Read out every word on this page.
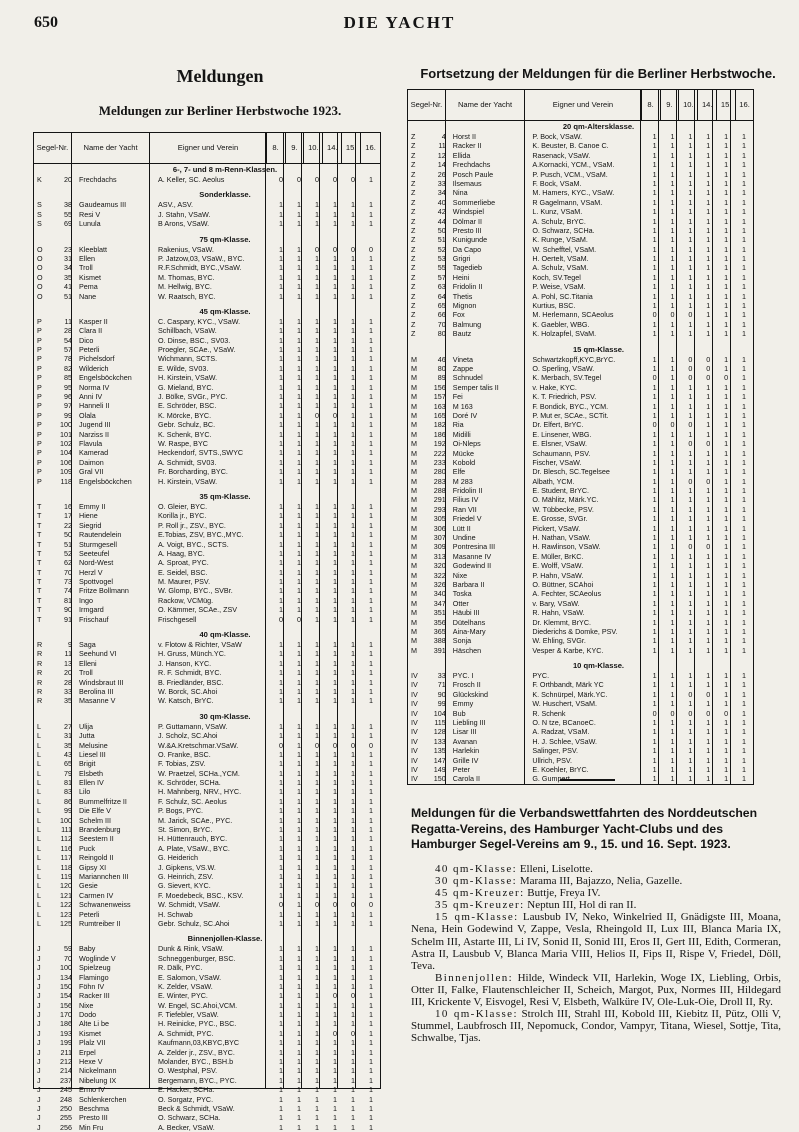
650	DIE YACHT
Meldungen
Meldungen zur Berliner Herbstwoche 1923.
Segel-Nr.	Name der Yacht	Eigner und Verein	8.	9.	10.	14.	15.	16.
6-, 7- und 8 m-Renn-Klassen.
K	20 Frechdachs	A. Keller, SC. Aeolus	0	0	0	0	0	1
Sonderklasse.
S	38 Gaudeamus III	ASV., ASV.	1	1	1	1	1	1
S	55 Resi V	J. Stahn, VSaW.	1	1	1	1	1	1
S	69 Lunula	B Arons, VSaW.	1	1	1	1	1	1
75 qm-Klasse.
O	23 Kleeblatt	Rakenius, VSaW.	1	1	0	0	0	0
O	31 Ellen	P. Jatzow,03, VSaW., BYC.	1	1	1	1	1	1
O	34 Troll	R.F.Schmidt, BYC.,VSaW.	1	1	1	1	1	1
O	35 Kismet	M. Thomas, BYC.	1	1	1	1	1	1
O	41 Pema	M. Hellwig, BYC.	1	1	1	1	1	1
O	51 Nane	W. Raatsch, BYC.	1	1	1	1	1	1
45 qm-Klasse.
P	11 Kasper II	C. Caspary, KYC., VSaW.	1	1	1	1	1	1
P	28 Clara II	Schillbach, VSaW.	1	1	1	1	1	1
P	54 Dico	O. Dinse, BSC., SV03.	1	1	1	1	1	1
P	57 Peterli	Proegler, SCAe., VSaW.	1	1	1	1	1	1
P	78 Pichelsdorf	Wichmann, SCTS.	1	1	1	1	1	1
P	82 Wilderich	E. Wilde, SV03.	1	1	1	1	1	1
P	85 Engelsböckchen	H. Kirstein, VSaW.	1	1	1	1	1	1
P	95 Norma IV	G. Mieland, BYC.	1	1	1	1	1	1
P	96 Anni IV	J. Bölke, SVGr., PYC.	1	1	1	1	1	1
P	97 Hanneli II	E. Schröder, BSC.	1	1	1	1	1	1
P	99 Olala	K. Mörcke, BYC.	1	1	0	0	1	1
P	100 Jugend III	Gebr. Schulz, BC.	1	1	1	1	1	1
P	101 Narziss II	K. Schenk, BYC.	1	1	1	1	1	1
P	102 Flavula	W. Raspe, BYC	1	1	1	1	1	1
P	104 Kamerad	Heckendorf, SVTS.,SWYC	1	1	1	1	1	1
P	106 Daimon	A. Schmidt, SV03.	1	1	1	1	1	1
P	109 Gral VII	Fr. Borcharding, BYC.	1	1	1	1	1	1
P	118 Engelsböckchen	H. Kirstein, VSaW.	1	1	1	1	1	1
35 qm-Klasse.
T	16 Emmy II	O. Gleier, BYC.	1	1	1	1	1	1
T	17 Hiene	Korilla jr., BYC.	1	1	1	1	1	1
T	22 Siegrid	P. Roll jr., ZSV., BYC.	1	1	1	1	1	1
T	50 Rautendelein	E.Tobias, ZSV, BYC.,MYC.	1	1	1	1	1	1
T	51 Sturmgesell	A. Voigt, BYC., SCTS.	1	1	1	1	1	1
T	52 Seeteufel	A. Haag, BYC.	1	1	1	1	1	1
T	62 Nord-West	A. Sproat, PYC.	1	1	1	1	1	1
T	70 Herzl V	E. Seidel, BSC.	1	1	1	1	1	1
T	73 Spottvogel	M. Maurer, PSV.	1	1	1	1	1	1
T	74 Fritze Bollmann	W. Glomp, BYC., SVBr.	1	1	1	1	1	1
T	81 Ingo	Rackow, VCMüg.	1	1	1	1	1	1
T	90 Irmgard	O. Kämmer, SCAe., ZSV	1	1	1	1	1	1
T	91 Frischauf	Frischgesell	0	0	1	1	1	1
40 qm-Klasse.
R	9 Saga	v. Flotow & Richter, VSaW	1	1	1	1	1	1
R	11 Seehund VI	H. Gruss, Münch.YC.	1	1	1	1	1	1
R	13 Elleni	J. Hanson, KYC.	1	1	1	1	1	1
R	20 Troll	R. F. Schmidt, BYC.	1	1	1	1	1	1
R	28 Windsbraut III	B. Friedländer, BSC.	1	1	1	1	1	1
R	33 Berolina III	W. Borck, SC.Ahoi	1	1	1	1	1	1
R	35 Masanne V	W. Katsch, BrYC.	1	1	1	1	1	1
30 qm-Klasse.
L	27 Ulija	P. Guttamann, VSaW.	1	1	1	1	1	1
L	31 Jutta	J. Scholz, SC.Ahoi	1	1	1	1	1	1
L	35 Melusine	W.&A.Kretschmar.VSaW.	0	1	0	0	0	0
L	43 Liesel III	O. Franke, BSC.	1	1	1	1	1	1
L	65 Brigit	F. Tobias, ZSV.	1	1	1	1	1	1
L	79 Elsbeth	W. Praetzel, SCHa.,YCM.	1	1	1	1	1	1
L	81 Ellen IV	K. Schröder, SCHa.	1	1	1	1	1	1
L	83 Lilo	H. Mahnberg, NRV., HYC.	1	1	1	1	1	1
L	86 Bummelfritze II	F. Schulz, SC. Aeolus	1	1	1	1	1	1
L	99 Die Elfe V	P. Bogs, PYC.	1	1	1	1	1	1
L	100 Schelm III	M. Jarick, SCAe., PYC.	1	1	1	1	1	1
L	111 Brandenburg	St. Simon, BrYC.	1	1	1	1	1	1
L	112 Seestern II	H. Hüttenrauch, BYC.	1	1	1	1	1	1
L	116 Puck	A. Plate, VSaW., BYC.	1	1	1	1	1	1
L	117 Reingold II	G. Heiderich	1	1	1	1	1	1
L	118 Gipsy XI	J. Gipkens, VS.W.	1	1	1	1	1	1
L	119 Mariannchen III	G. Heinrich, ZSV.	1	1	1	1	1	1
L	120 Gesie	G. Sievert, KYC.	1	1	1	1	1	1
L	121 Carmen IV	F. Moedebeck, BSC., KSV.	1	1	1	1	1	1
L	122 Schwanenweiss	W. Schmidt, VSaW.	0	1	0	0	0	0
L	123 Peterli	H. Schwab	1	1	1	1	1	1
L	125 Rumtreiber II	Gebr. Schulz, SC.Ahoi	1	1	1	1	1	1
Binnenjollen-Klasse.
J	59 Baby	Dunk & Rink, VSaW.	1	1	1	1	1	1
J	70 Woglinde V	Schneggenburger, BSC.	1	1	1	1	1	1
J	100 Spielzeug	R. Dälk, PYC.	1	1	1	1	1	1
J	134 Flamingo	E. Salomon, VSaW.	1	1	1	1	1	1
J	150 Föhn IV	K. Zelder, VSaW.	1	1	1	1	1	1
J	154 Racker III	E. Winter, PYC.	1	1	1	0	0	1
J	156 Nixe	W. Engel, SC.Ahoi,VCM.	1	1	1	1	1	1
J	170 Dodo	F. Tiefebler, VSaW.	1	1	1	1	1	1
J	186 Alte Li be	H. Reinicke, PYC., BSC.	1	1	1	1	1	1
J	193 Kismet	A. Schmidt, PYC.	1	1	1	0	0	1
J	199 Plalz VII	Kaufmann,03,KBYC,BYC	1	1	1	1	1	1
J	211 Erpel	A. Zelder jr., ZSV., BYC.	1	1	1	1	1	1
J	212 Hexe V	Molander, BYC., BSH.b	1	1	1	1	1	1
J	214 Nickelmann	O. Westphal, PSV.	1	1	1	1	1	1
J	237 Nibelung IX	Bergemann, BYC., PYC.	1	1	1	1	1	1
J	245 Ermo IV	E. Hacker, SCHa.	1	1	1	1	1	1
J	248 Schlenkerchen	O. Sorgatz, PYC.	1	1	1	1	1	1
J	250 Beschma	Beck & Schmidt, VSaW.	1	1	1	1	1	1
J	255 Presto III	O. Schwarz, SCHa.	1	1	1	1	1	1
J	256 Min Fru	A. Becker, VSaW.	1	1	1	1	1	1
Fortsetzung der Meldungen für die Berliner Herbstwoche.
Segel-Nr.	Name der Yacht	Eigner und Verein	8.	9.	10.	14.	15.	16.
20 qm-Altersklasse.
Z	4 Horst II	P. Bock, VSaW.	1	1	1	1	1	1
Z	11 Racker II	K. Beuster, B. Canoe C.	1	1	1	1	1	1
Z	12 Ellida	Rasenack, VSaW.	1	1	1	1	1	1
Z	14 Frechdachs	A.Kornacki, YCM., VSaM.	1	1	1	1	1	1
Z	26 Posch Paule	P. Pusch, VCM., VSaM.	1	1	1	1	1	1
Z	33 Ilsemaus	F. Bock, VSaM.	1	1	1	1	1	1
Z	34 Nina	M. Hamers, KYC., VSaW.	1	1	1	1	1	1
Z	40 Sommerliebe	R Gagelmann, VSaM.	1	1	1	1	1	1
Z	42 Windspiel	L. Kunz, VSaM.	1	1	1	1	1	1
Z	44 Dölmar II	A. Schulz, BrYC.	1	1	1	1	1	1
Z	50 Presto III	O. Schwarz, SCHa.	1	1	1	1	1	1
Z	51 Kunigunde	K. Runge, VSaM.	1	1	1	1	1	1
Z	52 Da Capo	W. Schefftel, VSaM.	1	1	1	1	1	1
Z	53 Grigri	H. Oertelt, VSaM.	1	1	1	1	1	1
Z	55 Tagedieb	A. Schulz, VSaM.	1	1	1	1	1	1
Z	57 Heini	Koch, SV.Tegel	1	1	1	1	1	1
Z	63 Fridolin II	P. Weise, VSaM.	1	1	1	1	1	1
Z	64 Thetis	A. Pohl, SC.Titania	1	1	1	1	1	1
Z	65 Mignon	Kurtius, BSC.	1	1	1	1	1	1
Z	66 Fox	M. Herlemann, SCAeolus	0	0	0	1	1	1
Z	70 Balmung	K. Gaebler, WBG.	1	1	1	1	1	1
Z	80 Bautz	K. Holzapfel, SVaM.	1	1	1	1	1	1
15 qm-Klasse.
M	46 Vineta	Schwartzkopff,KYC,BrYC.	1	1	0	0	1	1
M	80 Zappe	O. Sperling, VSaW.	1	1	0	0	1	1
M	89 Schnudel	K. Merbach, SV.Tegel	0	1	0	0	0	1
M	156 Semper talis II	v. Hake, KYC.	1	1	1	1	1	1
M	157 Fei	K. T. Friedrich, PSV.	1	1	1	1	1	1
M	163 M 163	F. Bondick, BYC., YCM.	1	1	1	1	1	1
M	165 Doré IV	P. Mut er, SCAe., SCTit.	1	1	1	1	1	1
M	182 Ria	Dr. Elfert, BrYC.	0	0	0	1	1	1
M	186 Midilli	E. Linsener, WBG.	1	1	1	1	1	1
M	192 Oi-Nleps	E. Elsner, VSaW.	1	1	0	0	1	1
M	222 Mücke	Schaumann, PSV.	1	1	1	1	1	1
M	233 Kobold	Fischer, VSaW.	1	1	1	1	1	1
M	280 Elfe	Dr. Blesch, SC.Tegelsee	1	1	1	1	1	1
M	283 M 283	Albath, YCM.	1	1	0	0	1	1
M	288 Fridolin II	E. Student, BrYC.	1	1	1	1	1	1
M	291 Filius IV	O. Mählitz, Märk.YC.	1	1	1	1	1	1
M	293 Ran VII	W. Tübbecke, PSV.	1	1	1	1	1	1
M	305 Friedel V	E. Grosse, SVGr.	1	1	1	1	1	1
M	306 Lütt II	Pickert, VSaW.	1	1	1	1	1	1
M	307 Undine	H. Nathan, VSaW.	1	1	1	1	1	1
M	309 Pontresina III	H. Rawlinson, VSaW.	1	1	0	0	1	1
M	313 Masanne IV	E. Müller, BrKC.	1	1	1	1	1	1
M	320 Godewind II	E. Wolff, VSaW.	1	1	1	1	1	1
M	322 Nixe	P. Hahn, VSaW.	1	1	1	1	1	1
M	326 Barbara II	O. Büttner, SCAhoi	1	1	1	1	1	1
M	340 Toska	A. Fechter, SCAeolus	1	1	1	1	1	1
M	347 Otter	v. Bary, VSaW.	1	1	1	1	1	1
M	351 Häubi III	R. Hahn, VSaW.	1	1	1	1	1	1
M	356 Dütelhans	Dr. Klemmt, BrYC.	1	1	1	1	1	1
M	365 Aina-Mary	Diederichs & Domke, PSV.	1	1	1	1	1	1
M	388 Sonja	W. Ehling, SVGr.	1	1	1	1	1	1
M	391 Häschen	Vesper & Karbe, KYC.	1	1	1	1	1	1
10 qm-Klasse.
IV	33 PYC. I	PYC.	1	1	1	1	1	1
IV	71 Frosch II	F. Orthbandt, Märk YC	1	1	1	1	1	1
IV	90 Glückskind	K. Schnürpel, Märk.YC.	1	1	0	0	1	1
IV	99 Emmy	W. Huschert, VSaM.	1	1	1	1	1	1
IV	104 Bub	R. Schenk	0	0	0	0	0	1
IV	115 Liebling III	O. N tze, BCanoeC.	1	1	1	1	1	1
IV	128 Lisar III	A. Radzat, VSaM.	1	1	1	1	1	1
IV	133 Avanan	H. J. Schlee, VSaW.	1	1	1	1	1	1
IV	135 Harlekin	Salinger, PSV.	1	1	1	1	1	1
IV	147 Grille IV	Ullrich, PSV.	1	1	1	1	1	1
IV	149 Peter	E. Koehler, BrYC.	1	1	1	1	1	1
IV	150 Carola II	G. Gumpert	1	1	1	1	1	1
Meldungen für die Verbandswettfahrten des Norddeutschen Regatta-Vereins, des Hamburger Yacht-Clubs und des Hamburger Segel-Vereins am 9., 15. und 16. Sept. 1923.

40 qm-Klasse: Elleni, Liselotte.

30 qm-Klasse: Marama III, Bajazzo, Nelia, Gazelle.

45 qm-Kreuzer: Buttje, Freya IV.

35 qm-Kreuzer: Neptun III, Hol di ran II.

15 qm-Klasse: Lausbub IV, Neko, Winkelried II, Gnädigste III, Moana, Nena, Hein Godewind V, Zappe, Vesla, Rheingold II, Lux III, Blanca Maria IX, Schelm III, Astarte III, Li IV, Sonid II, Sonid III, Eros II, Gert III, Edith, Cormeran, Astra II, Lausbub V, Blanca Maria VIII, Helios II, Fips II, Rispe V, Friedel, Döll, Teva.

Binnenjollen: Hilde, Windeck VII, Harlekin, Woge IX, Liebling, Orbis, Otter II, Falke, Flautenschleicher II, Scheich, Margot, Pux, Normes III, Hildegard III, Krickente V, Eisvogel, Resi V, Elsbeth, Walküre IV, Ole-Luk-Oie, Droll II, Ry.

10 qm-Klasse: Strolch III, Strahl III, Kobold III, Kiebitz II, Pütz, Olli V, Stummel, Laubfrosch III, Nepomuck, Condor, Vampyr, Titana, Wiesel, Sottje, Tita, Schwalbe, Tjas.
